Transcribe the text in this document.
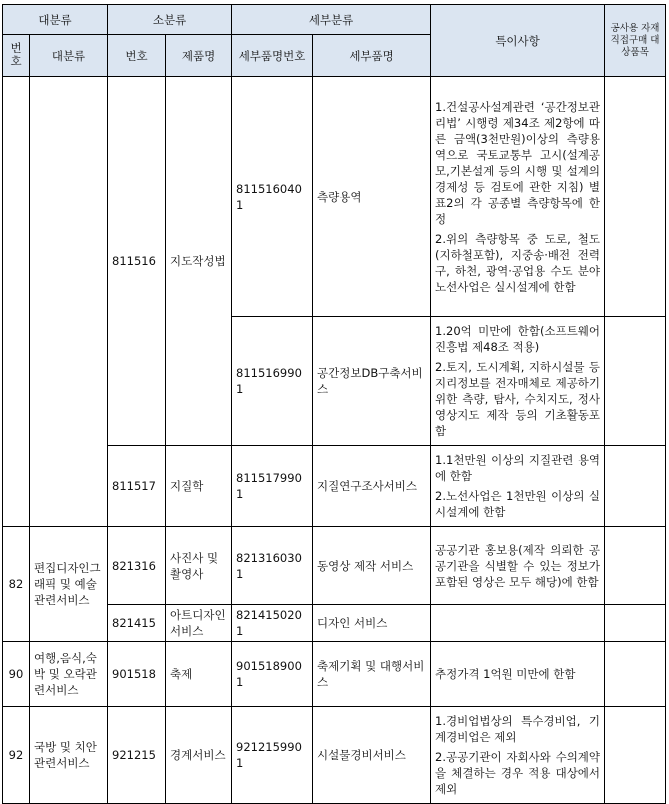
대분류		소분류		세부분류		특이사항	공사용 자재 직접구매 대상품목
번호	대분류	번호	제품명	세부품명번호	세부품명		
		811516	지도작성법	8115160401	측량용역	1.건설공사설계관련 ‘공간정보관리법’ 시행령 제34조 제2항에 따른 금액(3천만원)이상의 측량용역으로 국토교통부 고시(설계공모,기본설계 등의 시행 및 설계의 경제성 등 검토에 관한 지침) 별표2의 각 공종별 측량항목에 한정
2.위의 측량항목 중 도로, 철도(지하철포함), 지중송·배전 전력구, 하천, 광역·공업용 수도 분야 노선사업은 실시설계에 한함	

				8115169901	공간정보DB구축서비스	1.20억 미만에 한함(소프트웨어진흥법 제48조 적용)
2.토지, 도시계획, 지하시설물 등 지리정보를 전자매체로 제공하기 위한 측량, 탐사, 수치지도, 정사 영상지도 제작 등의 기초활동포함	

		811517	지질학	8115179901	지질연구조사서비스	1.1천만원 이상의 지질관련 용역에 한함
2.노선사업은 1천만원 이상의 실시설계에 한함	

82	편집디자인그래픽 및 예술관련서비스	821316	사진사 및 촬영사	8213160301	동영상 제작 서비스	공공기관 홍보용(제작 의뢰한 공공기관을 식별할 수 있는 정보가 포함된 영상은 모두 해당)에 한함	

		821415	아트디자인서비스	8214150201	디자인 서비스		
90	여행,음식,숙박 및 오락관련서비스	901518	축제	9015189001	축제기획 및 대행서비스	추정가격 1억원 미만에 한함	

92	국방 및 치안관련서비스	921215	경계서비스	9212159901	시설물경비서비스	1.경비업법상의 특수경비업, 기계경비업은 제외
2.공공기관이 자회사와 수의계약을 체결하는 경우 적용 대상에서 제외	
